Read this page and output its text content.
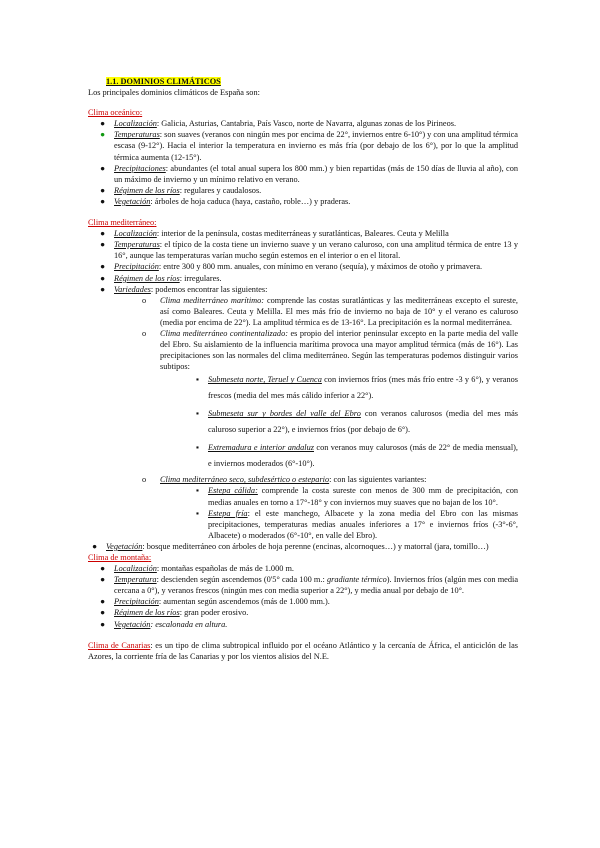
1.1. DOMINIOS CLIMÁTICOS
Los principales dominios climáticos de España son:
Clima oceánico:
● Localización: Galicia, Asturias, Cantabria, País Vasco, norte de Navarra, algunas zonas de los Pirineos.
● Temperaturas: son suaves (veranos con ningún mes por encima de 22°, inviernos entre 6-10°) y con una amplitud térmica escasa (9-12°). Hacia el interior la temperatura en invierno es más fría (por debajo de los 6°), por lo que la amplitud térmica aumenta (12-15°).
● Precipitaciones: abundantes (el total anual supera los 800 mm.) y bien repartidas (más de 150 días de lluvia al año), con un máximo de invierno y un mínimo relativo en verano.
● Régimen de los ríos: regulares y caudalosos.
● Vegetación: árboles de hoja caduca (haya, castaño, roble…) y praderas.
Clima mediterráneo:
● Localización: interior de la península, costas mediterráneas y suratlánticas, Baleares. Ceuta y Melilla
● Temperaturas: el típico de la costa tiene un invierno suave y un verano caluroso, con una amplitud térmica de entre 13 y 16°, aunque las temperaturas varían mucho según estemos en el interior o en el litoral.
● Precipitación: entre 300 y 800 mm. anuales, con mínimo en verano (sequía), y máximos de otoño y primavera.
● Régimen de los ríos: irregulares.
● Variedades: podemos encontrar las siguientes:
o Clima mediterráneo marítimo: comprende las costas suratlánticas y las mediterráneas excepto el sureste, así como Baleares. Ceuta y Melilla. El mes más frío de invierno no baja de 10° y el verano es caluroso (media por encima de 22°). La amplitud térmica es de 13-16°. La precipitación es la normal mediterránea.
o Clima mediterráneo continentalizado: es propio del interior peninsular excepto en la parte media del valle del Ebro. Su aislamiento de la influencia marítima provoca una mayor amplitud térmica (más de 16°). Las precipitaciones son las normales del clima mediterráneo. Según las temperaturas podemos distinguir varios subtipos:
▪ Submeseta norte, Teruel y Cuenca con inviernos fríos (mes más frío entre -3 y 6°), y veranos frescos (media del mes más cálido inferior a 22°).
▪ Submeseta sur y bordes del valle del Ebro con veranos calurosos (media del mes más caluroso superior a 22°), e inviernos fríos (por debajo de 6°).
▪ Extremadura e interior andaluz con veranos muy calurosos (más de 22° de media mensual), e inviernos moderados (6°-10°).
o Clima mediterráneo seco, subdesértico o estepario: con las siguientes variantes:
▪ Estepa cálida: comprende la costa sureste con menos de 300 mm de precipitación, con medias anuales en torno a 17°-18° y con inviernos muy suaves que no bajan de los 10°.
▪ Estepa fría: el este manchego, Albacete y la zona media del Ebro con las mismas precipitaciones, temperaturas medias anuales inferiores a 17° e inviernos fríos (-3°-6°, Albacete) o moderados (6°-10°, en valle del Ebro).
● Vegetación: bosque mediterráneo con árboles de hoja perenne (encinas, alcornoques…) y matorral (jara, tomillo…)
Clima de montaña:
● Localización: montañas españolas de más de 1.000 m.
● Temperatura: descienden según ascendemos (0'5° cada 100 m.: gradiante térmico). Inviernos fríos (algún mes con media cercana a 0°), y veranos frescos (ningún mes con media superior a 22°), y media anual por debajo de 10°.
● Precipitación: aumentan según ascendemos (más de 1.000 mm.).
● Régimen de los ríos: gran poder erosivo.
● Vegetación: escalonada en altura.
Clima de Canarias: es un tipo de clima subtropical influido por el océano Atlántico y la cercanía de África, el anticiclón de las Azores, la corriente fría de las Canarias y por los vientos alisios del N.E.
